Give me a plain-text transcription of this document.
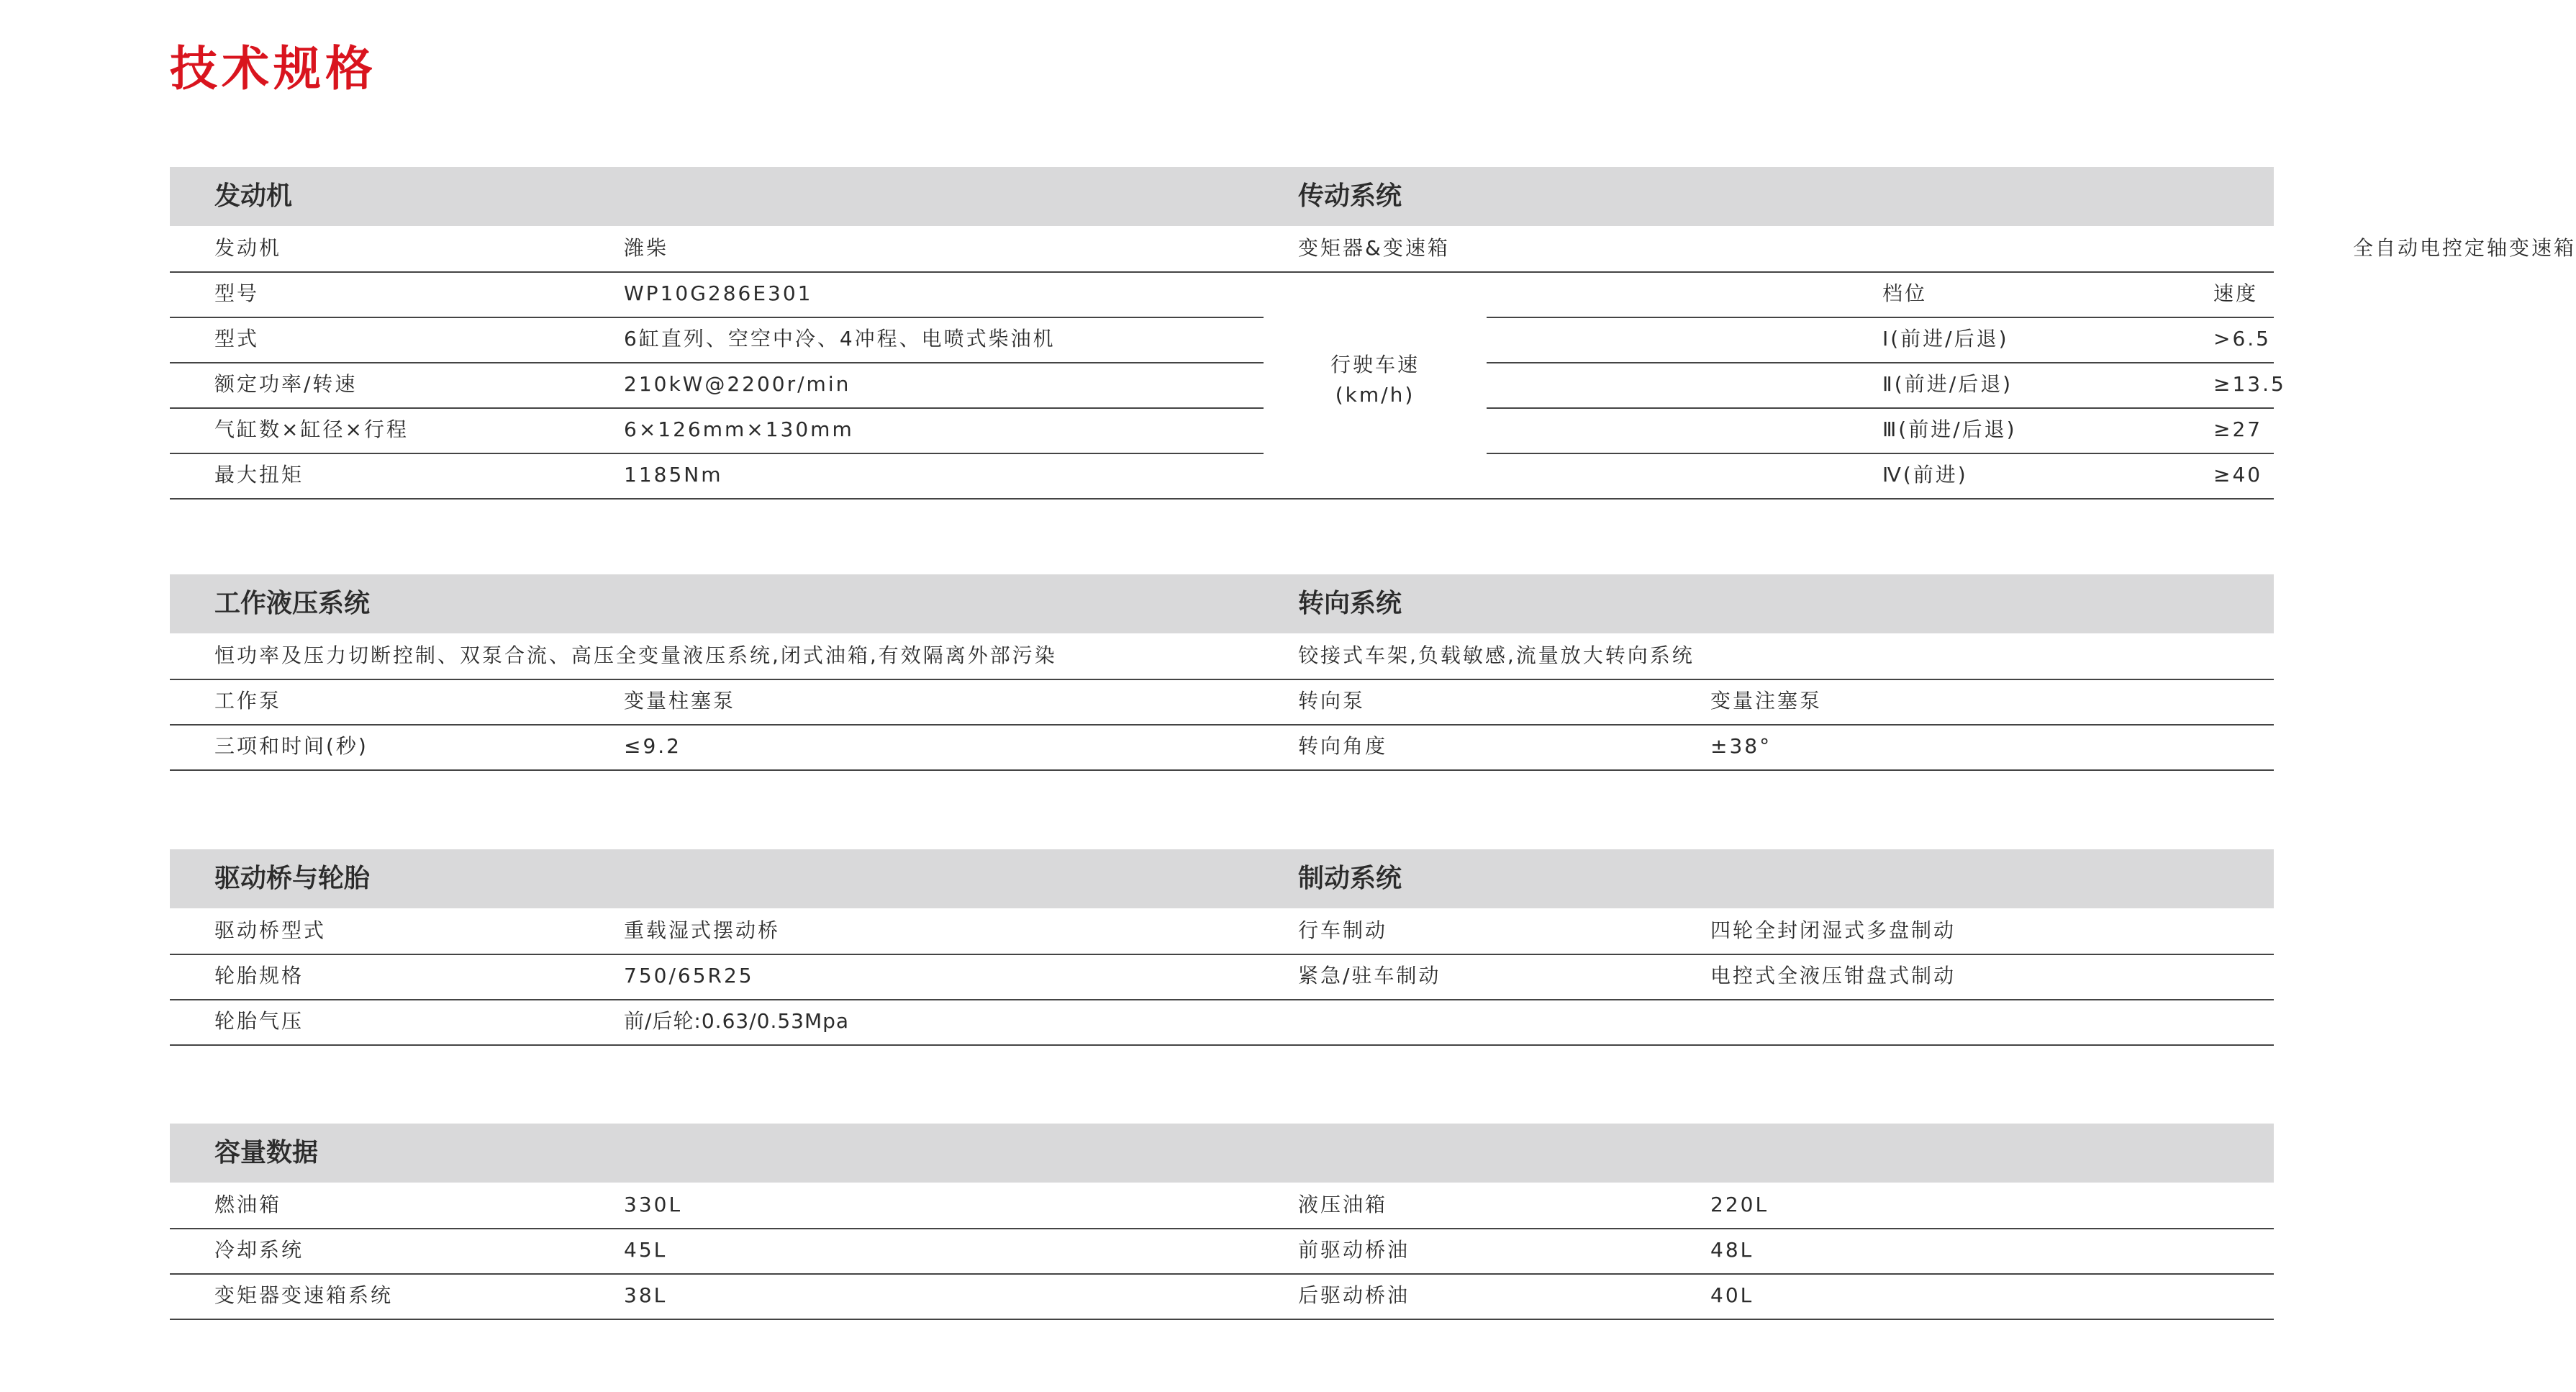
技术规格
发动机	传动系统
发动机	潍柴
型号	WP10G286E301
型式	6缸直列、空空中冷、4冲程、电喷式柴油机
额定功率/转速	210kW@2200r/min
气缸数×缸径×行程	6×126mm×130mm
最大扭矩	1185Nm
变矩器&变速箱	全自动电控定轴变速箱
行驶车速
(km/h)
档位	速度
Ⅰ(前进/后退)	>6.5
Ⅱ(前进/后退)	≥13.5
Ⅲ(前进/后退)	≥27
Ⅳ(前进)	≥40
工作液压系统	转向系统
恒功率及压力切断控制、双泵合流、高压全变量液压系统,闭式油箱,有效隔离外部污染	铰接式车架,负载敏感,流量放大转向系统
工作泵	变量柱塞泵	转向泵	变量注塞泵
三项和时间(秒)	≤9.2	转向角度	±38°
驱动桥与轮胎	制动系统
驱动桥型式	重载湿式摆动桥	行车制动	四轮全封闭湿式多盘制动
轮胎规格	750/65R25	紧急/驻车制动	电控式全液压钳盘式制动
轮胎气压	前/后轮:0.63/0.53Mpa
容量数据
燃油箱	330L	液压油箱	220L
冷却系统	45L	前驱动桥油	48L
变矩器变速箱系统	38L	后驱动桥油	40L
